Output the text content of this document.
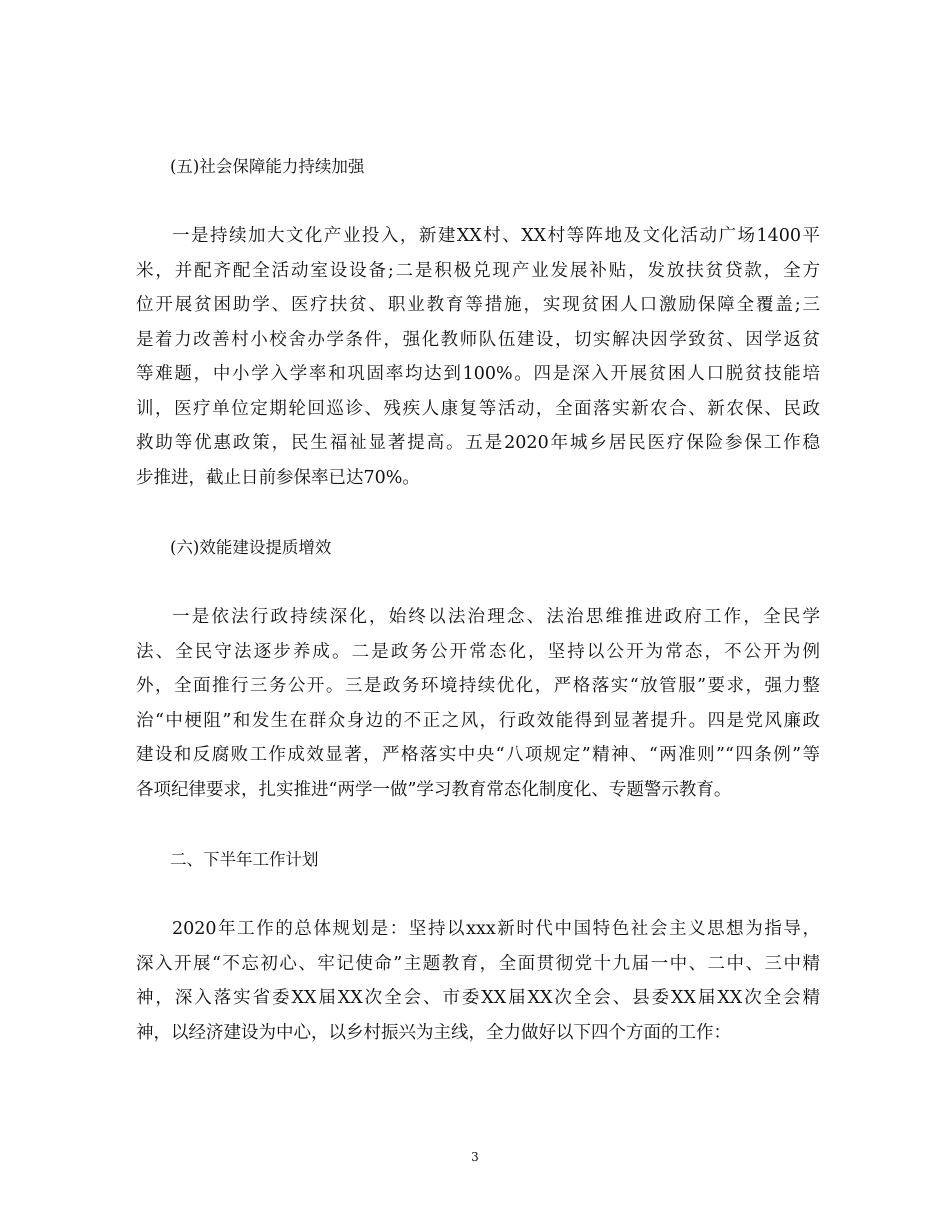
(五)社会保障能力持续加强
一是持续加大文化产业投入，新建XX村、XX村等阵地及文化活动广场1400平
米，并配齐配全活动室设设备;二是积极兑现产业发展补贴，发放扶贫贷款，全方
位开展贫困助学、医疗扶贫、职业教育等措施，实现贫困人口激励保障全覆盖;三
是着力改善村小校舍办学条件，强化教师队伍建设，切实解决因学致贫、因学返贫
等难题，中小学入学率和巩固率均达到100%。四是深入开展贫困人口脱贫技能培
训，医疗单位定期轮回巡诊、残疾人康复等活动，全面落实新农合、新农保、民政
救助等优惠政策，民生福祉显著提高。五是2020年城乡居民医疗保险参保工作稳
步推进，截止日前参保率已达70%。
(六)效能建设提质增效
一是依法行政持续深化，始终以法治理念、法治思维推进政府工作，全民学
法、全民守法逐步养成。二是政务公开常态化，坚持以公开为常态，不公开为例
外，全面推行三务公开。三是政务环境持续优化，严格落实“放管服”要求，强力整
治“中梗阻”和发生在群众身边的不正之风，行政效能得到显著提升。四是党风廉政
建设和反腐败工作成效显著，严格落实中央“八项规定”精神、“两准则”“四条例”等
各项纪律要求，扎实推进“两学一做”学习教育常态化制度化、专题警示教育。
二、下半年工作计划
2020年工作的总体规划是：坚持以xxx新时代中国特色社会主义思想为指导，
深入开展“不忘初心、牢记使命”主题教育，全面贯彻党十九届一中、二中、三中精
神，深入落实省委XX届XX次全会、市委XX届XX次全会、县委XX届XX次全会精
神，以经济建设为中心，以乡村振兴为主线，全力做好以下四个方面的工作：
3
